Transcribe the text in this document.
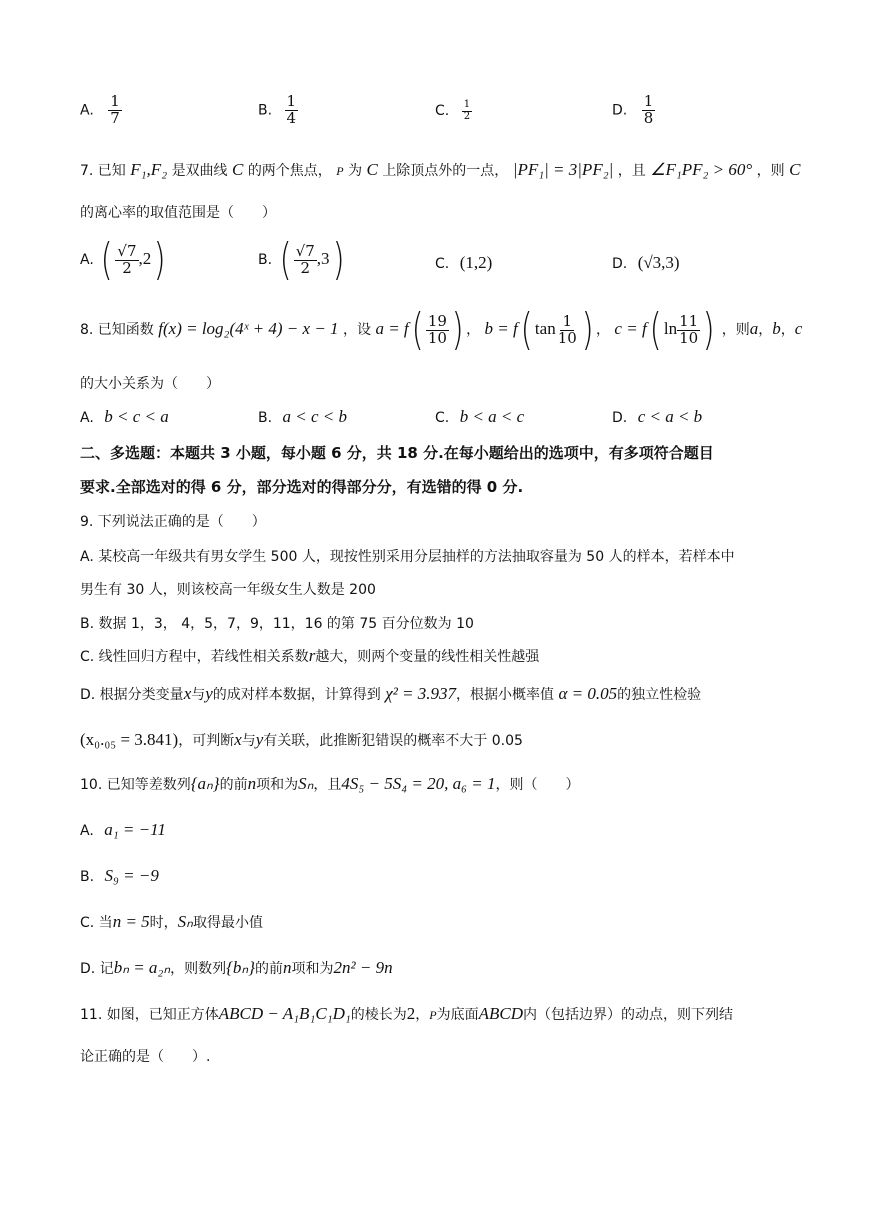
A. $\frac{1}{7}$	B. $\frac{1}{4}$	C. $\frac{1}{2}$	D. $\frac{1}{8}$
7. 已知 F₁,F₂ 是双曲线 C 的两个焦点， P 为 C 上除顶点外的一点， |PF₁| = 3|PF₂| ，且 ∠F₁PF₂ > 60° ，则 C
的离心率的取值范围是（　　）
A. ( $\frac{√7}{2} ,2$)	B. ( $\frac{√7}{2} ,3$)	C. (1,2)	D. (√3,3)
8. 已知函数 f(x) = log₂(4ˣ + 4) − x − 1 ，设 $a = f( \frac{19}{10}$ ) ， b = f( $\tan \frac{1}{10}$ ) ， c = f( $\ln \frac{11}{10}$ ) ，则a，b，c
的大小关系为（　　）
A. b < c < a	B. a < c < b	C. b < a < c	D. c < a < b
二、多选题：本题共 3 小题，每小题 6 分，共 18 分.在每小题给出的选项中，有多项符合题目
要求.全部选对的得 6 分，部分选对的得部分分，有选错的得 0 分.
9. 下列说法正确的是（　　）
A. 某校高一年级共有男女学生 500 人，现按性别采用分层抽样的方法抽取容量为 50 人的样本，若样本中
男生有 30 人，则该校高一年级女生人数是 200
B. 数据 1，3， 4，5，7，9，11，16 的第 75 百分位数为 10
C. 线性回归方程中，若线性相关系数r越大，则两个变量的线性相关性越强
D. 根据分类变量x与y的成对样本数据，计算得到 χ² = 3.937，根据小概率值 α = 0.05的独立性检验
(x₀.₀₅ = 3.841)，可判断x与y有关联，此推断犯错误的概率不大于 0.05
10. 已知等差数列{aₙ}的前n项和为Sₙ，且4S₅ − 5S₄ = 20, a₆ = 1，则（　　）
A. a₁ = −11
B. S₉ = −9
C. 当n = 5时，Sₙ取得最小值
D. 记bₙ = a₂ₙ，则数列{bₙ}的前n项和为2n² − 9n
11. 如图，已知正方体ABCD − A₁B₁C₁D₁的棱长为2，P为底面ABCD内（包括边界）的动点，则下列结
论正确的是（　　）.
